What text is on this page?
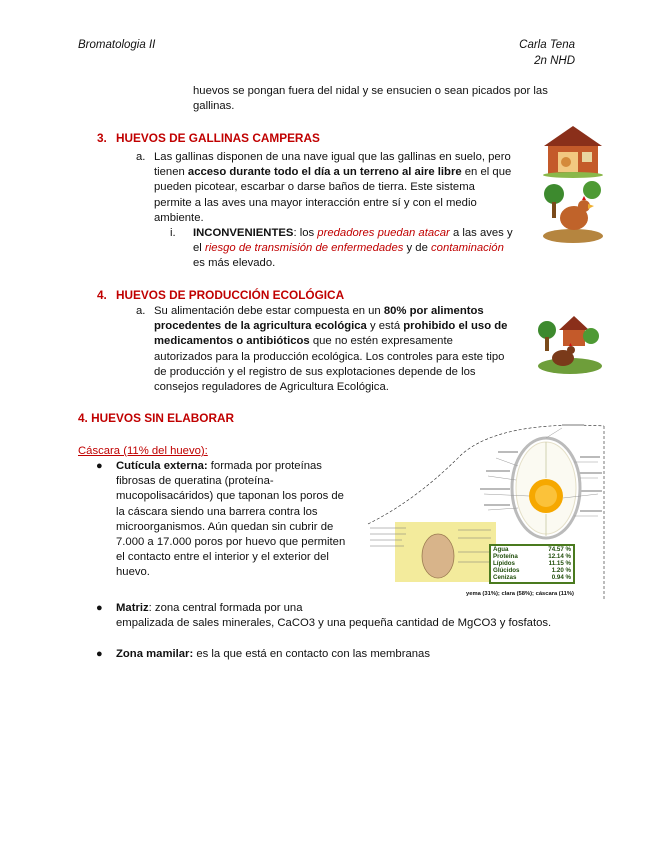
Bromatologia II	Carla Tena
2n NHD
huevos se pongan fuera del nidal y se ensucien o sean picados por las
gallinas.
3. HUEVOS DE GALLINAS CAMPERAS
a. Las gallinas disponen de una nave igual que las gallinas en suelo, pero
tienen acceso durante todo el día a un terreno al aire libre en el que
pueden picotear, escarbar o darse baños de tierra. Este sistema
permite a las aves una mayor interacción entre sí y con el medio
ambiente.
i. INCONVENIENTES: los predadores puedan atacar a las aves y
el riesgo de transmisión de enfermedades y de contaminación
es más elevado.
4. HUEVOS DE PRODUCCIÓN ECOLÓGICA
a. Su alimentación debe estar compuesta en un 80% por alimentos
procedentes de la agricultura ecológica y está prohibido el uso de
medicamentos o antibióticos que no estén expresamente
autorizados para la producción ecológica. Los controles para este tipo
de producción y el registro de sus explotaciones depende de los
consejos reguladores de Agricultura Ecológica.
4. HUEVOS SIN ELABORAR
Cáscara (11% del huevo):
● Cutícula externa: formada por proteínas
fibrosas de queratina (proteína-
mucopolisacáridos) que taponan los poros de
la cáscara siendo una barrera contra los
microorganismos. Aún quedan sin cubrir de
7.000 a 17.000 poros por huevo que permiten
el contacto entre el interior y el exterior del
huevo.
Agua	74.57 %
Proteína	12.14 %
Lípidos	11.15 %
Glúcidos	1.20 %
Cenizas	0.94 %
yema (31%); clara (58%); cáscara (11%)
● Matriz: zona central formada por una
empalizada de sales minerales, CaCO3 y una pequeña cantidad de MgCO3 y fosfatos.
● Zona mamilar: es la que está en contacto con las membranas
